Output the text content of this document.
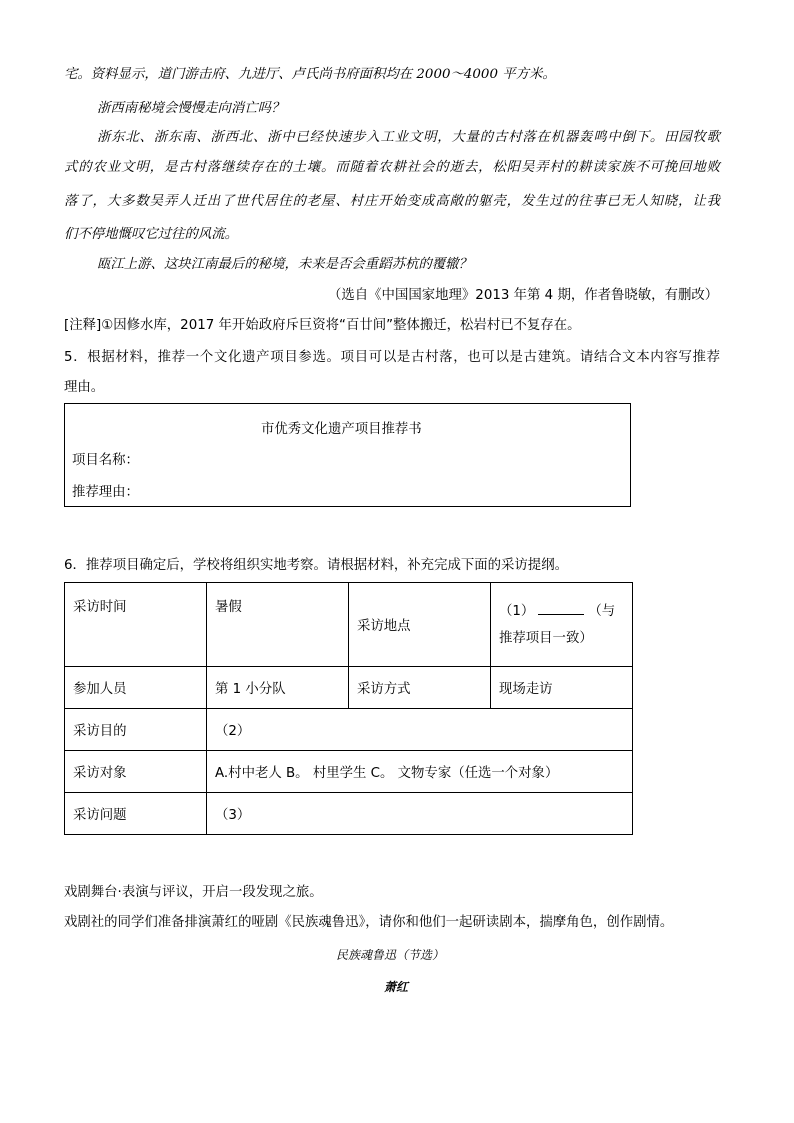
宅。资料显示，道门游击府、九进厅、卢氏尚书府面积均在 2000～4000 平方米。
浙西南秘境会慢慢走向消亡吗？
浙东北、浙东南、浙西北、浙中已经快速步入工业文明，大量的古村落在机器轰鸣中倒下。田园牧歌
式的农业文明，是古村落继续存在的土壤。而随着农耕社会的逝去，松阳吴弄村的耕读家族不可挽回地败
落了，大多数吴弄人迁出了世代居住的老屋、村庄开始变成高敞的躯壳，发生过的往事已无人知晓，让我
们不停地慨叹它过往的风流。
瓯江上游、这块江南最后的秘境，未来是否会重蹈苏杭的覆辙？
（选自《中国国家地理》2013 年第 4 期，作者鲁晓敏，有删改）
[注释]①因修水库，2017 年开始政府斥巨资将“百廿间”整体搬迁，松岩村已不复存在。
5．根据材料，推荐一个文化遗产项目参选。项目可以是古村落，也可以是古建筑。请结合文本内容写推荐
理由。
市优秀文化遗产项目推荐书
项目名称：
推荐理由：
6．推荐项目确定后，学校将组织实地考察。请根据材料，补充完成下面的采访提纲。
采访时间	暑假	采访地点	（1） （与
推荐项目一致）
参加人员	第 1 小分队	采访方式	现场走访
采访目的	（2）		
采访对象	A.村中老人 B。 村里学生 C。 文物专家（任选一个对象）		
采访问题	（3）		
戏剧舞台·表演与评议，开启一段发现之旅。
戏剧社的同学们准备排演萧红的哑剧《民族魂鲁迅》，请你和他们一起研读剧本，揣摩角色，创作剧情。
民族魂鲁迅（节选）
萧红
